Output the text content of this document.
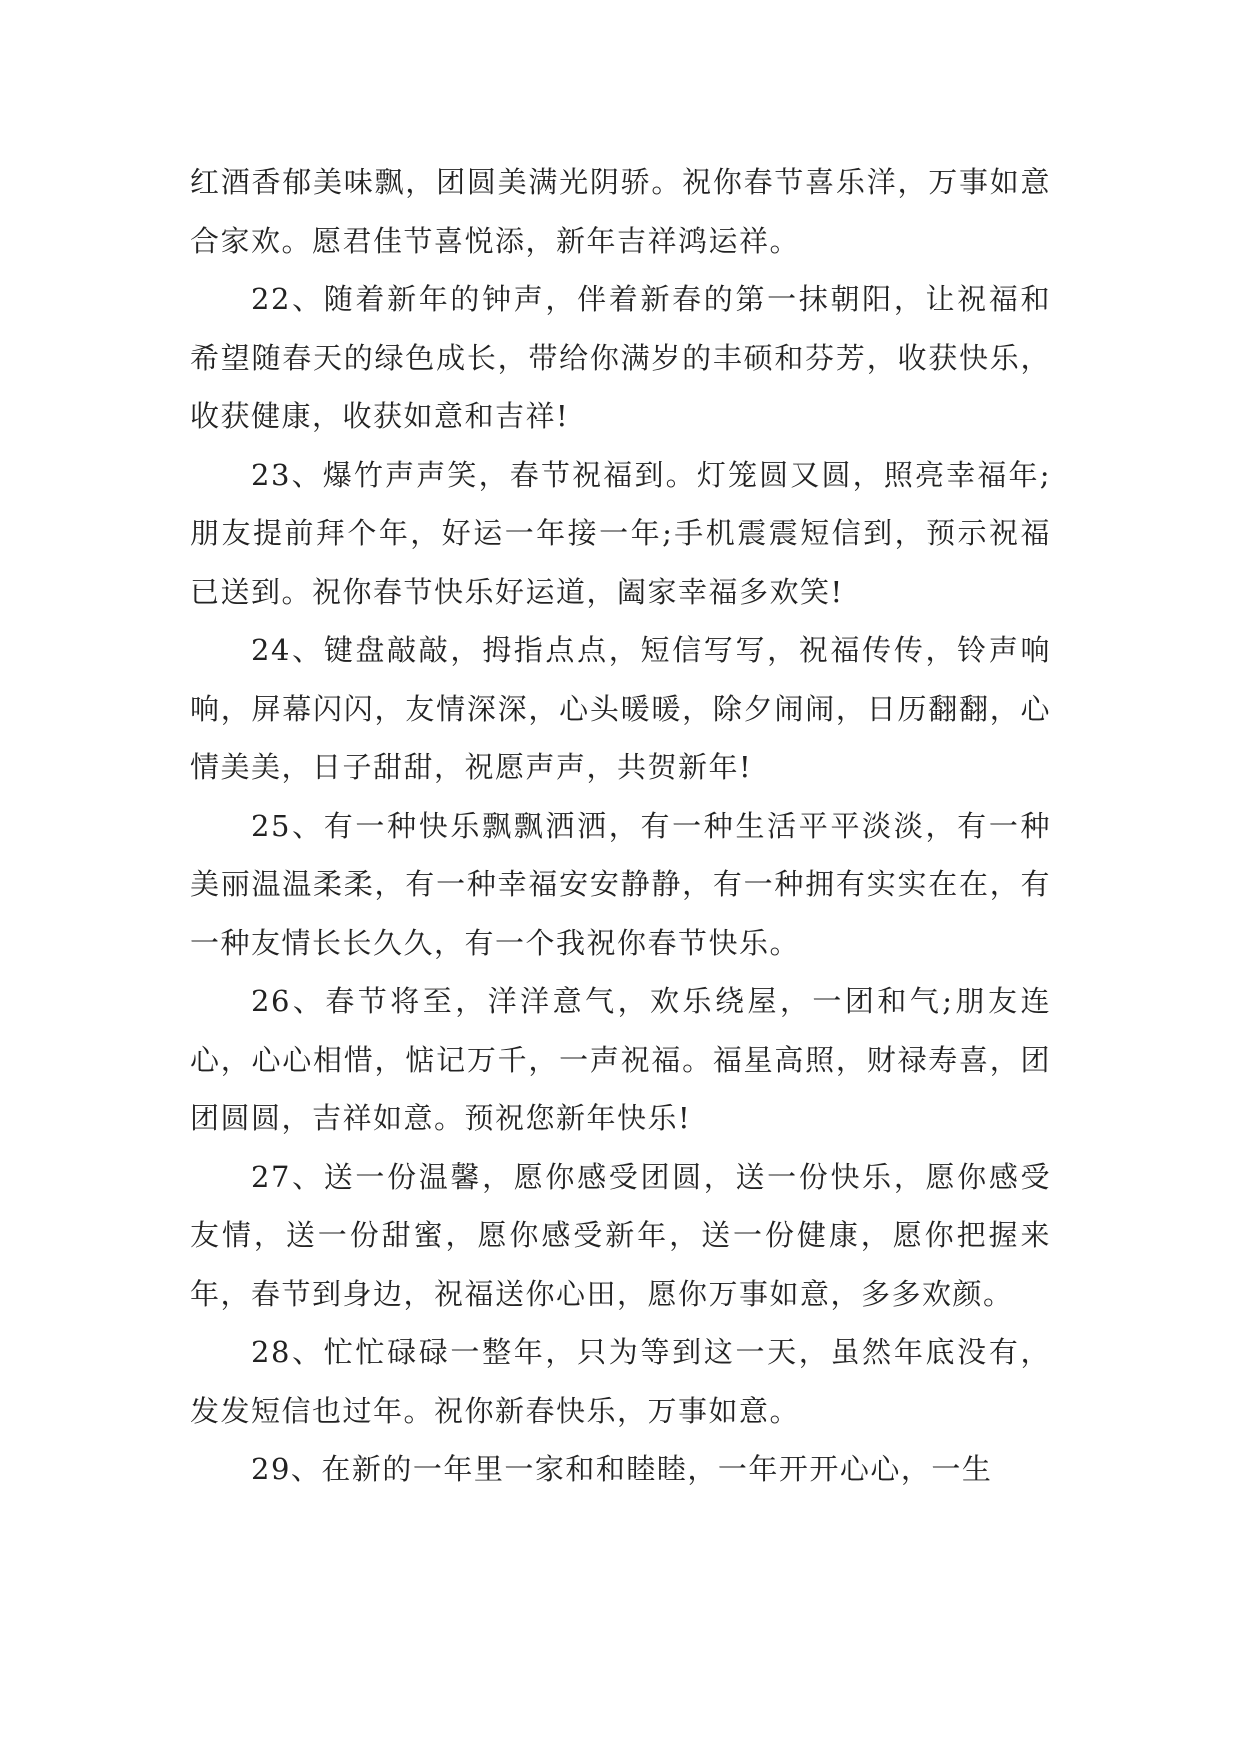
红酒香郁美味飘，团圆美满光阴骄。祝你春节喜乐洋，万事如意合家欢。愿君佳节喜悦添，新年吉祥鸿运祥。

22、随着新年的钟声，伴着新春的第一抹朝阳，让祝福和希望随春天的绿色成长，带给你满岁的丰硕和芬芳，收获快乐，收获健康，收获如意和吉祥!

23、爆竹声声笑，春节祝福到。灯笼圆又圆，照亮幸福年;朋友提前拜个年，好运一年接一年;手机震震短信到，预示祝福已送到。祝你春节快乐好运道，阖家幸福多欢笑!

24、键盘敲敲，拇指点点，短信写写，祝福传传，铃声响响，屏幕闪闪，友情深深，心头暖暖，除夕闹闹，日历翻翻，心情美美，日子甜甜，祝愿声声，共贺新年!

25、有一种快乐飘飘洒洒，有一种生活平平淡淡，有一种美丽温温柔柔，有一种幸福安安静静，有一种拥有实实在在，有一种友情长长久久，有一个我祝你春节快乐。

26、春节将至，洋洋意气，欢乐绕屋，一团和气;朋友连心，心心相惜，惦记万千，一声祝福。福星高照，财禄寿喜，团团圆圆，吉祥如意。预祝您新年快乐!

27、送一份温馨，愿你感受团圆，送一份快乐，愿你感受友情，送一份甜蜜，愿你感受新年，送一份健康，愿你把握来年，春节到身边，祝福送你心田，愿你万事如意，多多欢颜。

28、忙忙碌碌一整年，只为等到这一天，虽然年底没有，发发短信也过年。祝你新春快乐，万事如意。

29、在新的一年里一家和和睦睦，一年开开心心，一生
